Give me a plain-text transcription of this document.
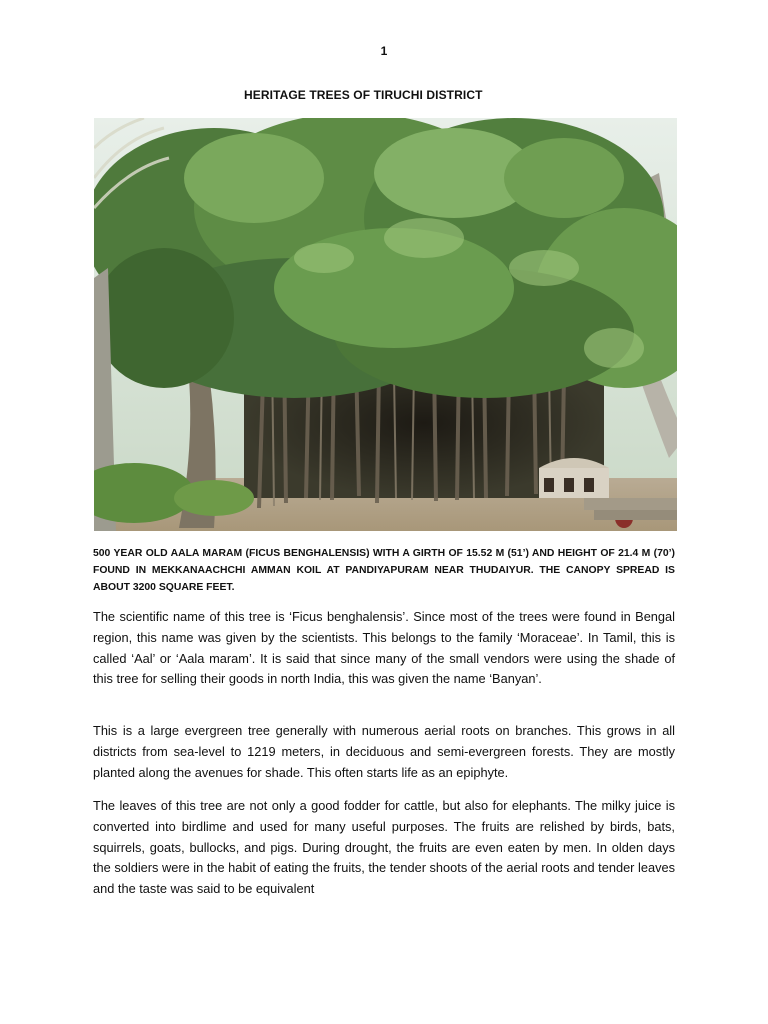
1
HERITAGE TREES OF TIRUCHI DISTRICT
500 YEAR OLD AALA MARAM (FICUS BENGHALENSIS) WITH A GIRTH OF 15.52 M (51’) AND HEIGHT OF 21.4 M (70’) FOUND IN MEKKANAACHCHI AMMAN KOIL AT PANDIYAPURAM NEAR THUDAIYUR. THE CANOPY SPREAD IS ABOUT 3200 SQUARE FEET.
The scientific name of this tree is ‘Ficus benghalensis’. Since most of the trees were found in Bengal region, this name was given by the scientists. This belongs to the family ‘Moraceae’. In Tamil, this is called ‘Aal’ or ‘Aala maram’. It is said that since many of the small vendors were using the shade of this tree for selling their goods in north India, this was given the name ‘Banyan’.
This is a large evergreen tree generally with numerous aerial roots on branches. This grows in all districts from sea-level to 1219 meters, in deciduous and semi-evergreen forests. They are mostly planted along the avenues for shade. This often starts life as an epiphyte.
The leaves of this tree are not only a good fodder for cattle, but also for elephants. The milky juice is converted into birdlime and used for many useful purposes. The fruits are relished by birds, bats, squirrels, goats, bullocks, and pigs. During drought, the fruits are even eaten by men. In olden days the soldiers were in the habit of eating the fruits, the tender shoots of the aerial roots and tender leaves and the taste was said to be equivalent
